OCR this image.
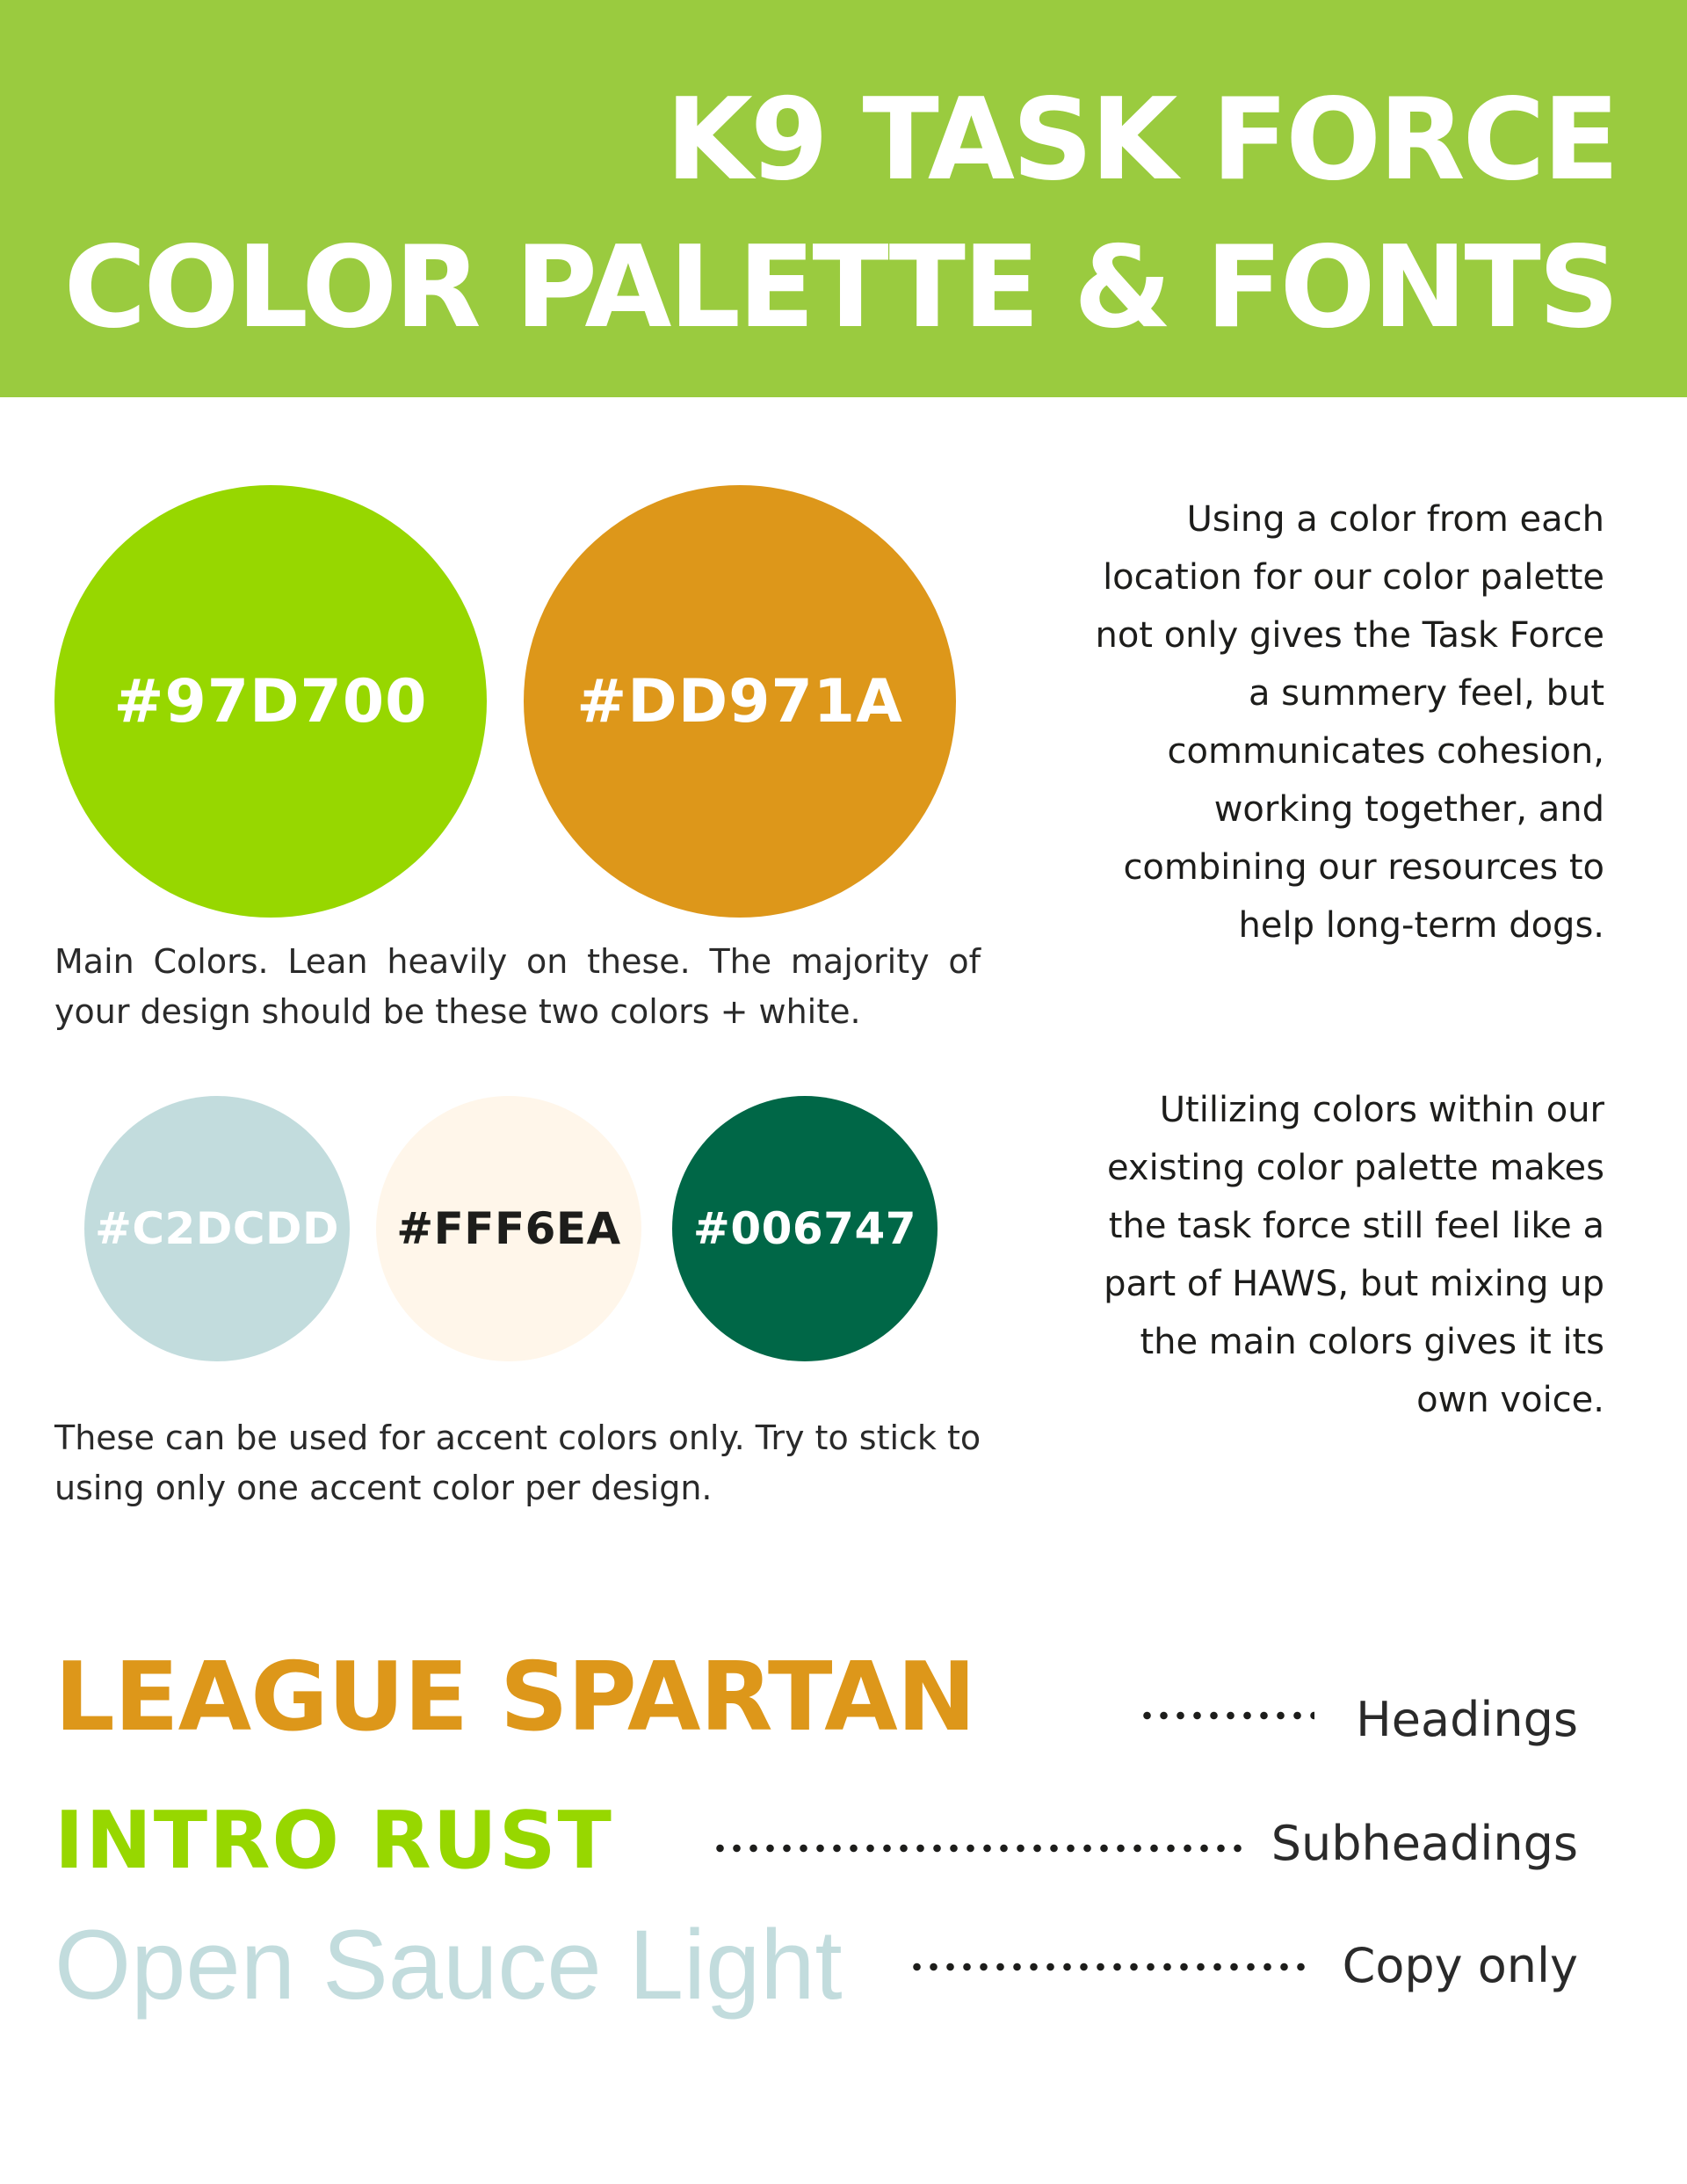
K9 TASK FORCE
COLOR PALETTE & FONTS
#97D700	#DD971A
Main Colors. Lean heavily on these. The majority of your design should be these two colors + white.
#C2DCDD	#FFF6EA	#006747
These can be used for accent colors only. Try to stick to using only one accent color per design.
Using a color from each location for our color palette not only gives the Task Force a summery feel, but communicates cohesion, working together, and combining our resources to help long-term dogs.
Utilizing colors within our existing color palette makes the task force still feel like a part of HAWS, but mixing up the main colors gives it its own voice.
LEAGUE SPARTAN	Headings
INTRO RUST	Subheadings
Open Sauce Light	Copy only
